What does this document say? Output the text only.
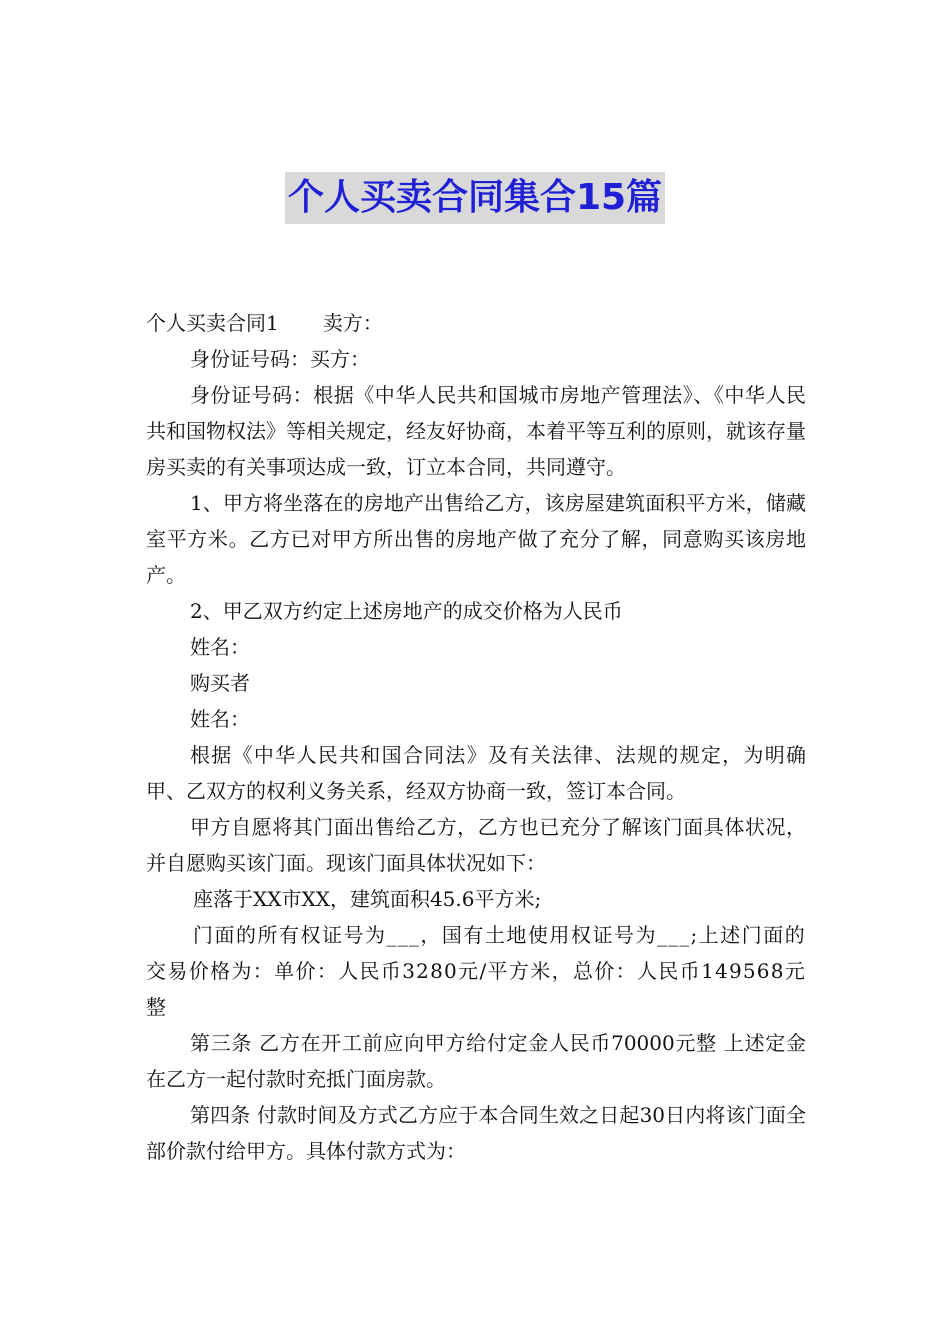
个人买卖合同集合15篇

个人买卖合同1 卖方：

身份证号码：买方：

身份证号码：根据《中华人民共和国城市房地产管理法》、《中华人民共和国物权法》等相关规定，经友好协商，本着平等互利的原则，就该存量房买卖的有关事项达成一致，订立本合同，共同遵守。

1、甲方将坐落在的房地产出售给乙方，该房屋建筑面积平方米，储藏室平方米。乙方已对甲方所出售的房地产做了充分了解，同意购买该房地产。

2、甲乙双方约定上述房地产的成交价格为人民币

姓名：

购买者

姓名：

根据《中华人民共和国合同法》及有关法律、法规的规定，为明确甲、乙双方的权利义务关系，经双方协商一致，签订本合同。

甲方自愿将其门面出售给乙方，乙方也已充分了解该门面具体状况，并自愿购买该门面。现该门面具体状况如下：

座落于XX市XX，建筑面积45.6平方米;

门面的所有权证号为___，国有土地使用权证号为___;上述门面的交易价格为：单价：人民币3280元/平方米，总价：人民币149568元整

第三条 乙方在开工前应向甲方给付定金人民币70000元整 上述定金在乙方一起付款时充抵门面房款。

第四条 付款时间及方式乙方应于本合同生效之日起30日内将该门面全部价款付给甲方。具体付款方式为：
